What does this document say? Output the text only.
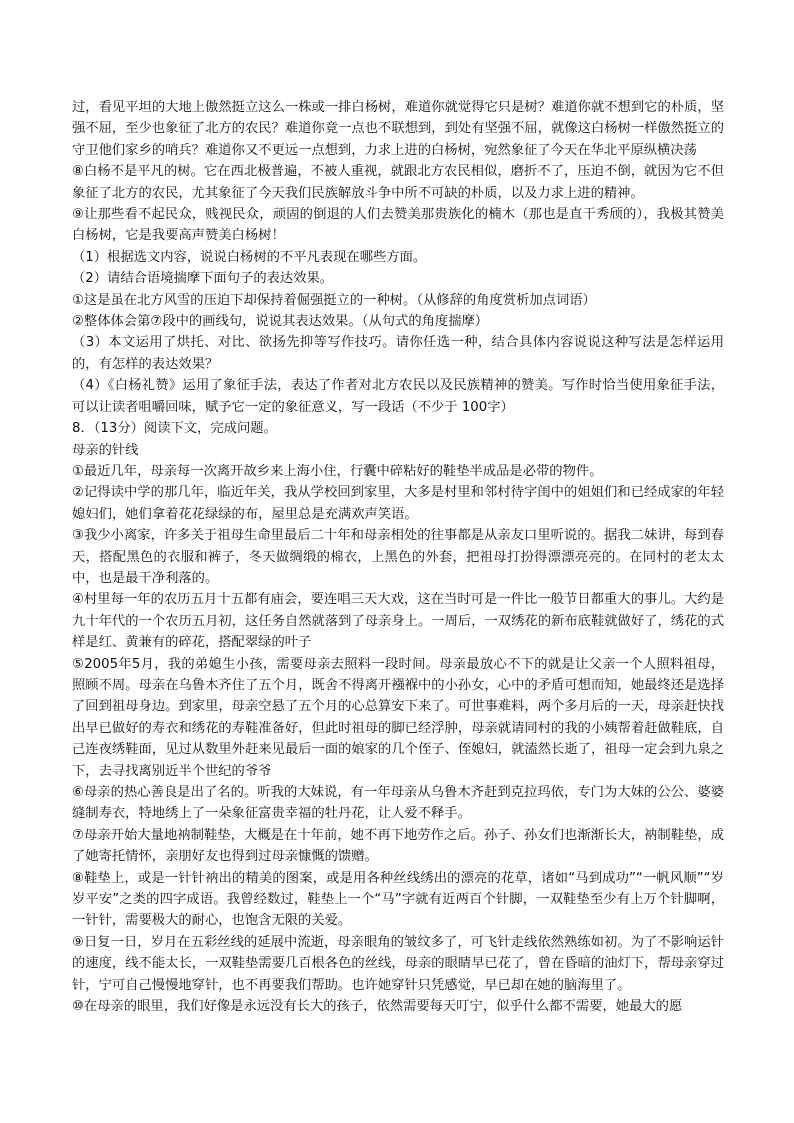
过，看见平坦的大地上傲然挺立这么一株或一排白杨树，难道你就觉得它只是树？难道你就不想到它的朴质，坚强不屈，至少也象征了北方的农民？难道你竟一点也不联想到，到处有坚强不屈，就像这白杨树一样傲然挺立的守卫他们家乡的哨兵？难道你又不更远一点想到，力求上进的白杨树，宛然象征了今天在华北平原纵横决荡

⑧白杨不是平凡的树。它在西北极普遍，不被人重视，就跟北方农民相似，磨折不了，压迫不倒，就因为它不但象征了北方的农民，尤其象征了今天我们民族解放斗争中所不可缺的朴质，以及力求上进的精神。

⑨让那些看不起民众，贱视民众，顽固的倒退的人们去赞美那贵族化的楠木（那也是直干秀颀的），我极其赞美白杨树，它是我要高声赞美白杨树！

（1）根据选文内容，说说白杨树的不平凡表现在哪些方面。

（2）请结合语境揣摩下面句子的表达效果。

①这是虽在北方风雪的压迫下却保持着倔强挺立的一种树。（从修辞的角度赏析加点词语）

②整体体会第⑦段中的画线句，说说其表达效果。（从句式的角度揣摩）

（3）本文运用了烘托、对比、欲扬先抑等写作技巧。请你任选一种，结合具体内容说说这种写法是怎样运用的，有怎样的表达效果？

（4）《白杨礼赞》运用了象征手法，表达了作者对北方农民以及民族精神的赞美。写作时恰当使用象征手法，可以让读者咀嚼回味，赋予它一定的象征意义，写一段话（不少于 100字）

8．（13分）阅读下文，完成问题。

母亲的针线

①最近几年，母亲每一次离开故乡来上海小住，行囊中碎粘好的鞋垫半成品是必带的物件。

②记得读中学的那几年，临近年关，我从学校回到家里，大多是村里和邻村待字闺中的姐姐们和已经成家的年轻媳妇们，她们拿着花花绿绿的布，屋里总是充满欢声笑语。

③我少小离家，许多关于祖母生命里最后二十年和母亲相处的往事都是从亲友口里听说的。据我二妹讲，每到春天，搭配黑色的衣服和裤子，冬天做绸缎的棉衣，上黑色的外套，把祖母打扮得漂漂亮亮的。在同村的老太太中，也是最干净利落的。

④村里每一年的农历五月十五都有庙会，要连唱三天大戏，这在当时可是一件比一般节日都重大的事儿。大约是九十年代的一个农历五月初，这任务自然就落到了母亲身上。一周后，一双绣花的新布底鞋就做好了，绣花的式样是红、黄兼有的碎花，搭配翠绿的叶子

⑤2005年5月，我的弟媳生小孩，需要母亲去照料一段时间。母亲最放心不下的就是让父亲一个人照料祖母，照顾不周。母亲在乌鲁木齐住了五个月，既舍不得离开襁褓中的小孙女，心中的矛盾可想而知，她最终还是选择了回到祖母身边。到家里，母亲空悬了五个月的心总算安下来了。可世事难料，两个多月后的一天，母亲赶快找出早已做好的寿衣和绣花的寿鞋准备好，但此时祖母的脚已经浮肿，母亲就请同村的我的小姨帮着赶做鞋底，自己连夜绣鞋面，见过从数里外赶来见最后一面的娘家的几个侄子、侄媳妇，就溘然长逝了，祖母一定会到九泉之下，去寻找离别近半个世纪的爷爷

⑥母亲的热心善良是出了名的。听我的大妹说，有一年母亲从乌鲁木齐赶到克拉玛依，专门为大妹的公公、婆婆缝制寿衣，特地绣上了一朵象征富贵幸福的牡丹花，让人爱不释手。

⑦母亲开始大量地衲制鞋垫，大概是在十年前，她不再下地劳作之后。孙子、孙女们也渐渐长大，衲制鞋垫，成了她寄托情怀，亲朋好友也得到过母亲慷慨的馈赠。

⑧鞋垫上，或是一针针衲出的精美的图案，或是用各种丝线绣出的漂亮的花草，诸如“马到成功”“一帆风顺”“岁岁平安”之类的四字成语。我曾经数过，鞋垫上一个“马”字就有近两百个针脚，一双鞋垫至少有上万个针脚啊，一针针，需要极大的耐心，也饱含无限的关爱。

⑨日复一日，岁月在五彩丝线的延展中流逝，母亲眼角的皱纹多了，可飞针走线依然熟练如初。为了不影响运针的速度，线不能太长，一双鞋垫需要几百根各色的丝线，母亲的眼睛早已花了，曾在昏暗的油灯下，帮母亲穿过针，宁可自己慢慢地穿针，也不再要我们帮助。也许她穿针只凭感觉，早已却在她的脑海里了。

⑩在母亲的眼里，我们好像是永远没有长大的孩子，依然需要每天叮宁，似乎什么都不需要，她最大的愿
